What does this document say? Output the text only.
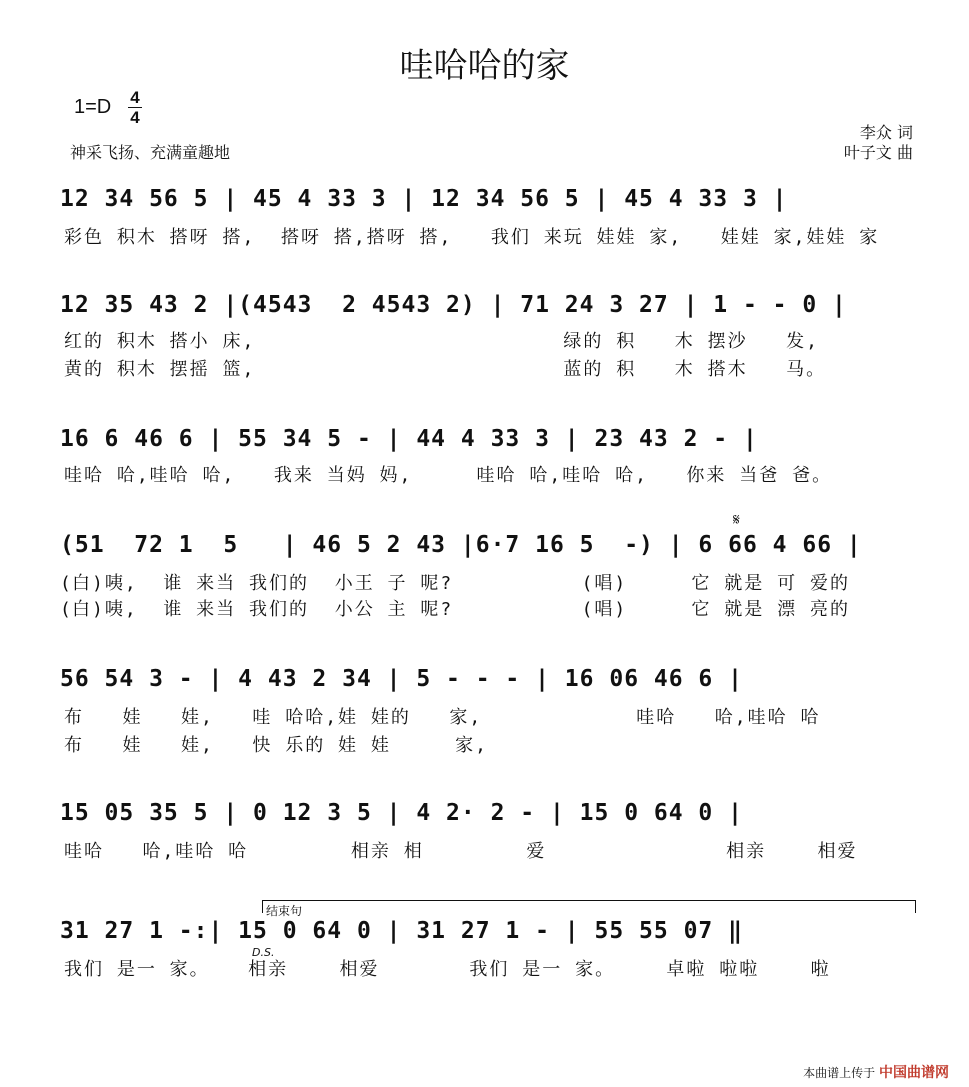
哇哈哈的家
1=D 4
4
神采飞扬、充满童趣地
李众 词
叶子文 曲
12 34 56 5 | 45 4 33 3 | 12 34 56 5 | 45 4 33 3 |
彩色 积木 搭呀 搭,  搭呀 搭,搭呀 搭,   我们 来玩 娃娃 家,   娃娃 家,娃娃 家
12 35 43 2 |(4543  2 4543 2) | 71 24 3 27 | 1 - - 0 |
红的 积木 搭小 床,                        绿的 积   木 摆沙   发,
黄的 积木 摆摇 篮,                        蓝的 积   木 搭木   马。
16 6 46 6 | 55 34 5 - | 44 4 33 3 | 23 43 2 - |
哇哈 哈,哇哈 哈,   我来 当妈 妈,     哇哈 哈,哇哈 哈,   你来 当爸 爸。
𝄋
(51  72 1  5   | 46 5 2 43 |6·7 16 5  -) | 6 66 4 66 |
( 白)咦,  谁 来当 我们的  小王 子 呢?          (唱)     它 就是 可 爱的
( 白)咦,  谁 来当 我们的  小公 主 呢?          (唱)     它 就是 漂 亮的
56 54 3 - | 4 43 2 34 | 5 - - - | 16 06 46 6 |
布   娃   娃,   哇 哈哈,娃 娃的   家,            哇哈   哈,哇哈 哈
布   娃   娃,   快 乐的 娃 娃     家,
15 05 35 5 | 0 12 3 5 | 4 2· 2 - | 15 0 64 0 |
哇哈   哈,哇哈 哈        相亲 相        爱              相亲    相爱
结束句
31 27 1 -:| 15 0 64 0 | 31 27 1 - | 55 55 07 ‖
D.S.
我们 是一 家。   相亲    相爱       我们 是一 家。    卓啦 啦啦    啦
本曲谱上传于 中国曲谱网
